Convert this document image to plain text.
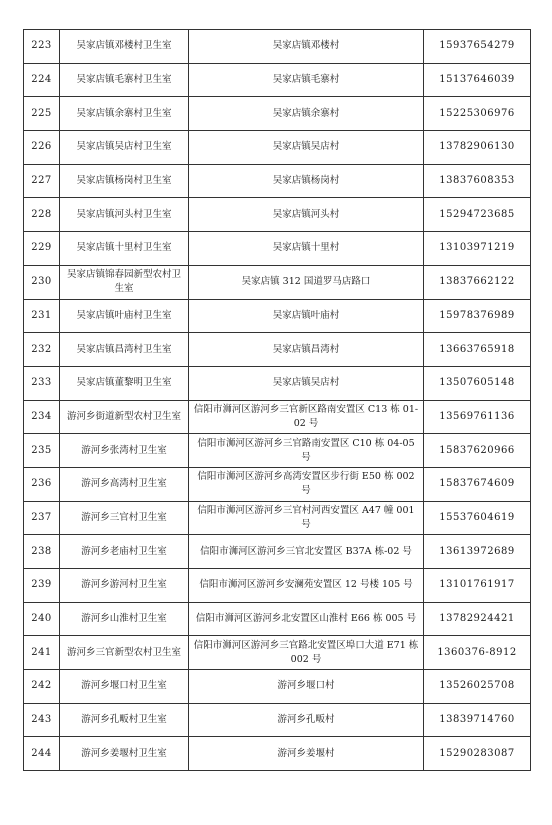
223	吴家店镇邓楼村卫生室	吴家店镇邓楼村	15937654279
224	吴家店镇毛寨村卫生室	吴家店镇毛寨村	15137646039
225	吴家店镇余寨村卫生室	吴家店镇余寨村	15225306976
226	吴家店镇吴店村卫生室	吴家店镇吴店村	13782906130
227	吴家店镇杨岗村卫生室	吴家店镇杨岗村	13837608353
228	吴家店镇河头村卫生室	吴家店镇河头村	15294723685
229	吴家店镇十里村卫生室	吴家店镇十里村	13103971219
230	吴家店镇锦春园新型农村卫生室	吴家店镇 312 国道罗马店路口	13837662122
231	吴家店镇叶庙村卫生室	吴家店镇叶庙村	15978376989
232	吴家店镇昌湾村卫生室	吴家店镇昌湾村	13663765918
233	吴家店镇董黎明卫生室	吴家店镇吴店村	13507605148
234	游河乡街道新型农村卫生室	信阳市浉河区游河乡三官新区路南安置区 C13 栋 01-02 号	13569761136
235	游河乡张湾村卫生室	信阳市浉河区游河乡三官路南安置区 C10 栋 04-05 号	15837620966
236	游河乡高湾村卫生室	信阳市浉河区游河乡高湾安置区步行街 E50 栋 002 号	15837674609
237	游河乡三官村卫生室	信阳市浉河区游河乡三官村河西安置区 A47 幢 001 号	15537604619
238	游河乡老庙村卫生室	信阳市浉河区游河乡三官北安置区 B37A 栋-02 号	13613972689
239	游河乡游河村卫生室	信阳市浉河区游河乡安澜苑安置区 12 号楼 105 号	13101761917
240	游河乡山淮村卫生室	信阳市浉河区游河乡北安置区山淮村 E66 栋 005 号	13782924421
241	游河乡三官新型农村卫生室	信阳市浉河区游河乡三官路北安置区埠口大道 E71 栋 002 号	1360376-8912
242	游河乡堰口村卫生室	游河乡堰口村	13526025708
243	游河乡孔畈村卫生室	游河乡孔畈村	13839714760
244	游河乡姜堰村卫生室	游河乡姜堰村	15290283087
